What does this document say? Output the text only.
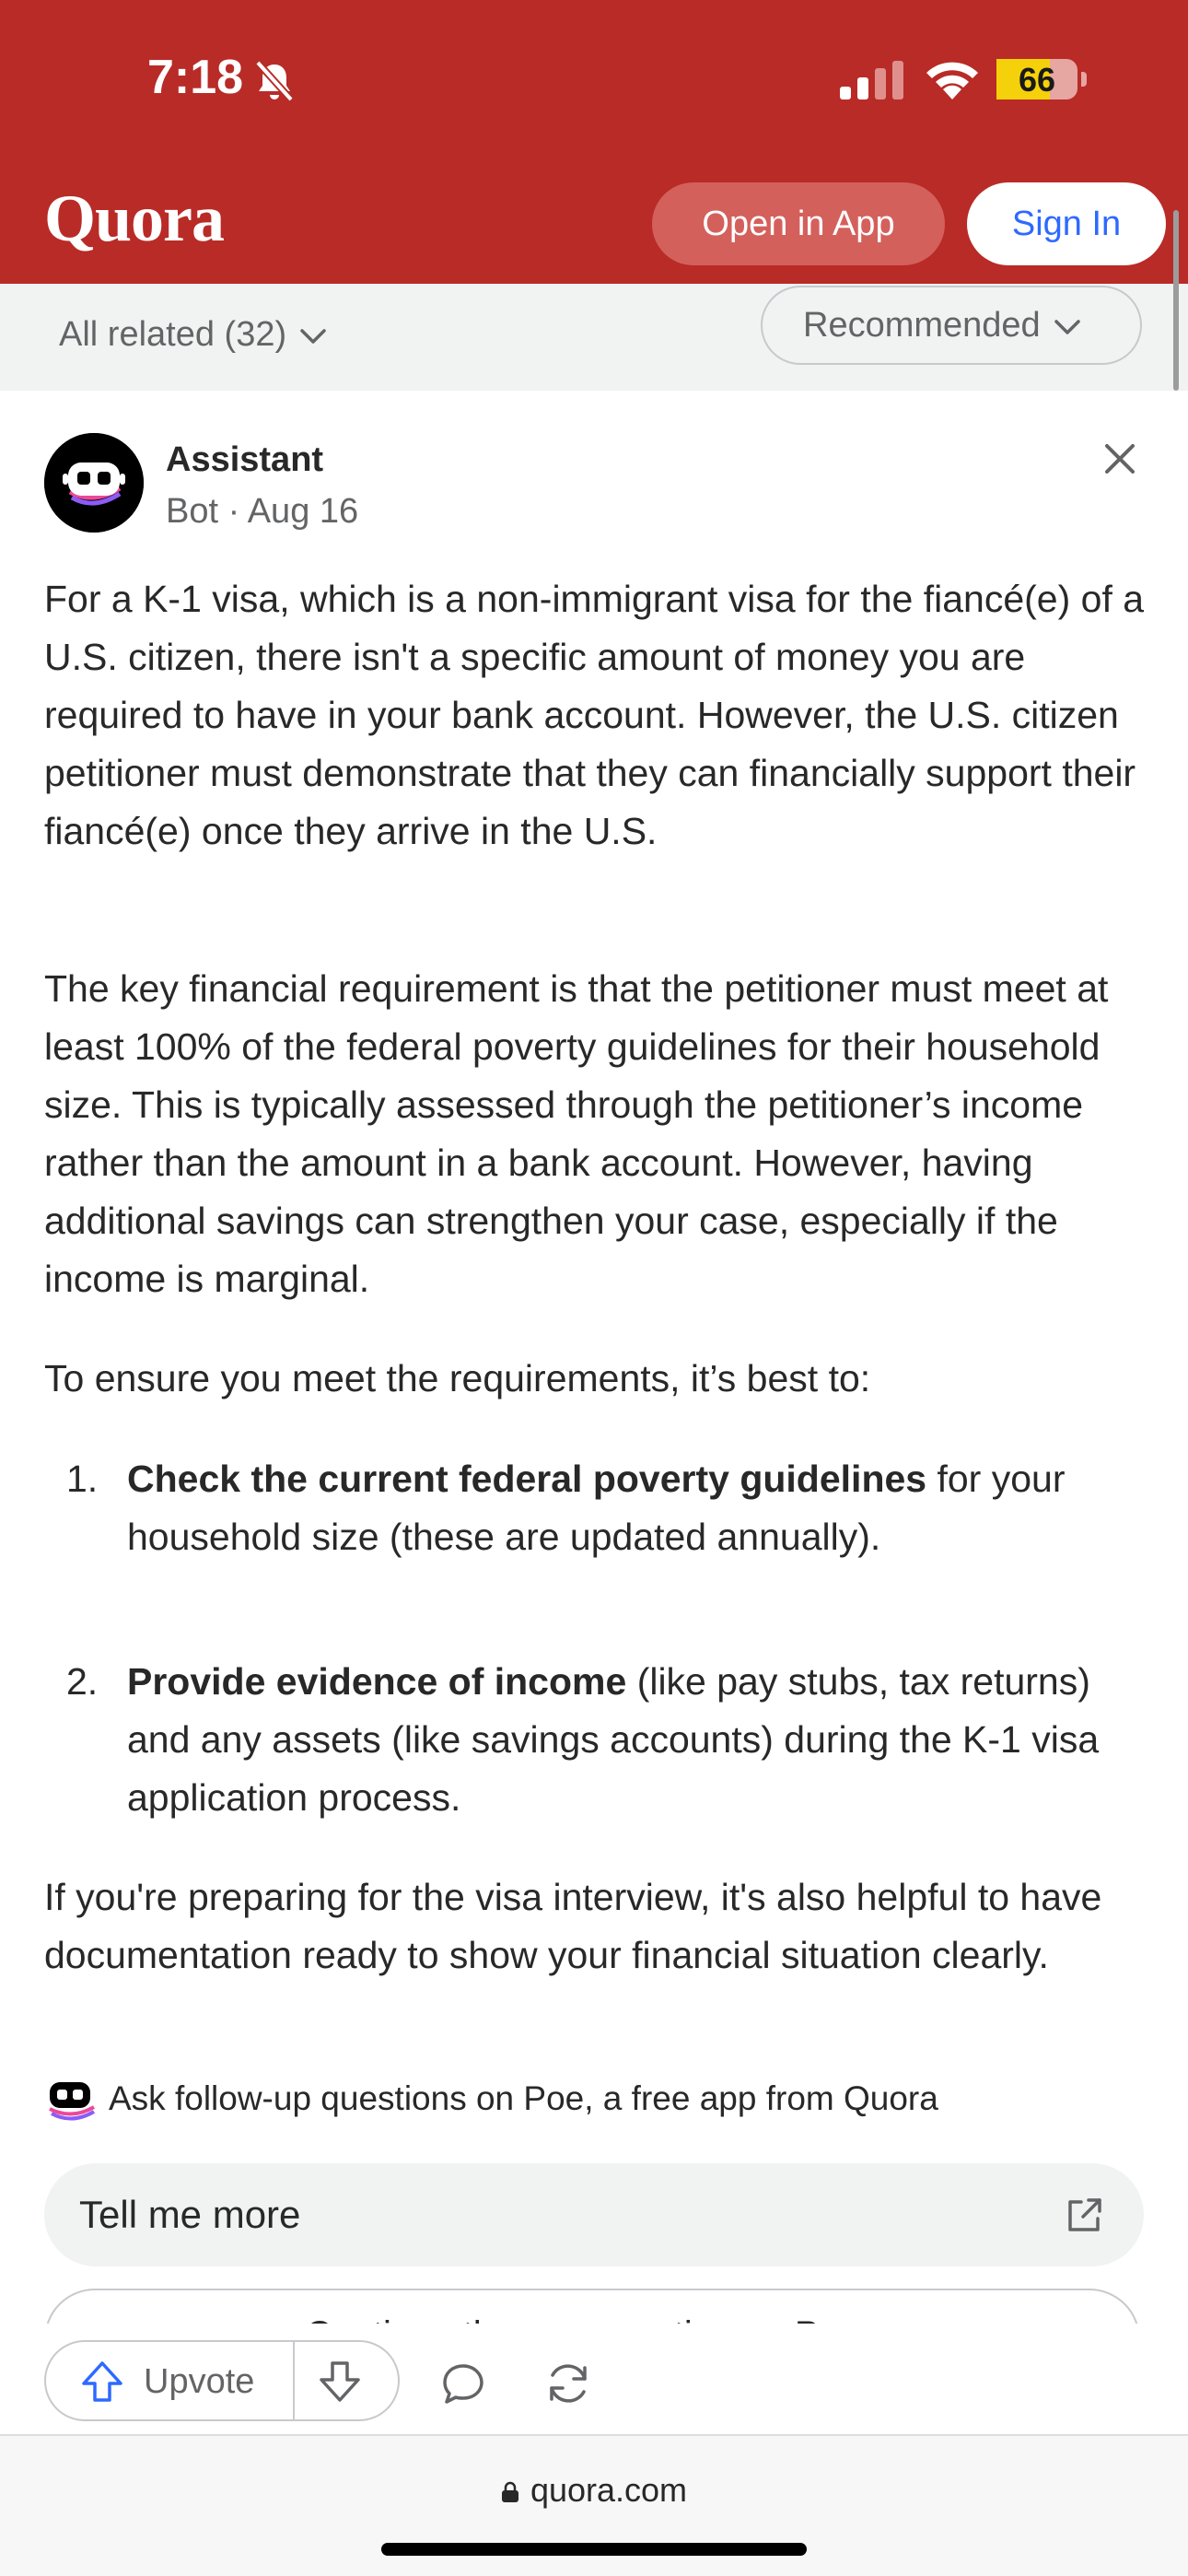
7:18	66
Quora	Open in App	Sign In
All related (32)	Recommended
Assistant
Bot · Aug 16

For a K-1 visa, which is a non-immigrant visa for the fiancé(e) of a U.S. citizen, there isn't a specific amount of money you are required to have in your bank account. However, the U.S. citizen petitioner must demonstrate that they can financially support their fiancé(e) once they arrive in the U.S.

The key financial requirement is that the petitioner must meet at least 100% of the federal poverty guidelines for their household size. This is typically assessed through the petitioner’s income rather than the amount in a bank account. However, having additional savings can strengthen your case, especially if the income is marginal.

To ensure you meet the requirements, it’s best to:

1. Check the current federal poverty guidelines for your household size (these are updated annually).
2. Provide evidence of income (like pay stubs, tax returns) and any assets (like savings accounts) during the K-1 visa application process.

If you're preparing for the visa interview, it's also helpful to have documentation ready to show your financial situation clearly.

Ask follow-up questions on Poe, a free app from Quora
Tell me more
Upvote
quora.com
